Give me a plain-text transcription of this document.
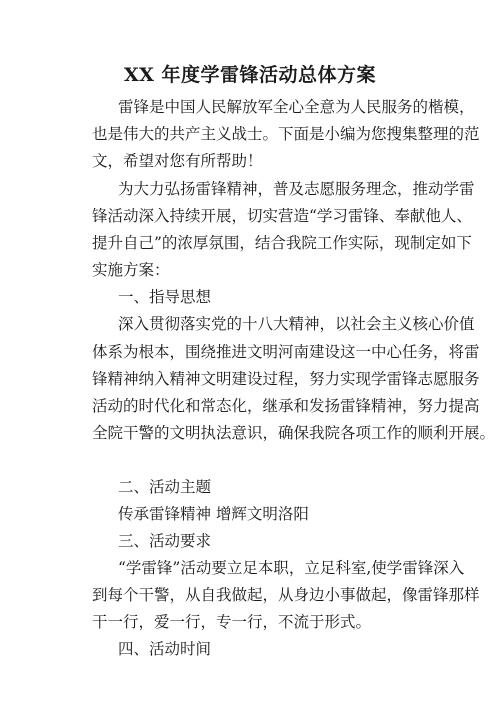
XX 年度学雷锋活动总体方案
雷锋是中国人民解放军全心全意为人民服务的楷模，
也是伟大的共产主义战士。下面是小编为您搜集整理的范
文，希望对您有所帮助！
为大力弘扬雷锋精神，普及志愿服务理念，推动学雷
锋活动深入持续开展，切实营造“学习雷锋、奉献他人、
提升自己”的浓厚氛围，结合我院工作实际，现制定如下
实施方案：
一、指导思想
深入贯彻落实党的十八大精神，以社会主义核心价值
体系为根本，围绕推进文明河南建设这一中心任务，将雷
锋精神纳入精神文明建设过程，努力实现学雷锋志愿服务
活动的时代化和常态化，继承和发扬雷锋精神，努力提高
全院干警的文明执法意识，确保我院各项工作的顺利开展。
二、活动主题
传承雷锋精神 增辉文明洛阳
三、活动要求
“学雷锋”活动要立足本职，立足科室,使学雷锋深入
到每个干警，从自我做起，从身边小事做起，像雷锋那样
干一行，爱一行，专一行，不流于形式。
四、活动时间
